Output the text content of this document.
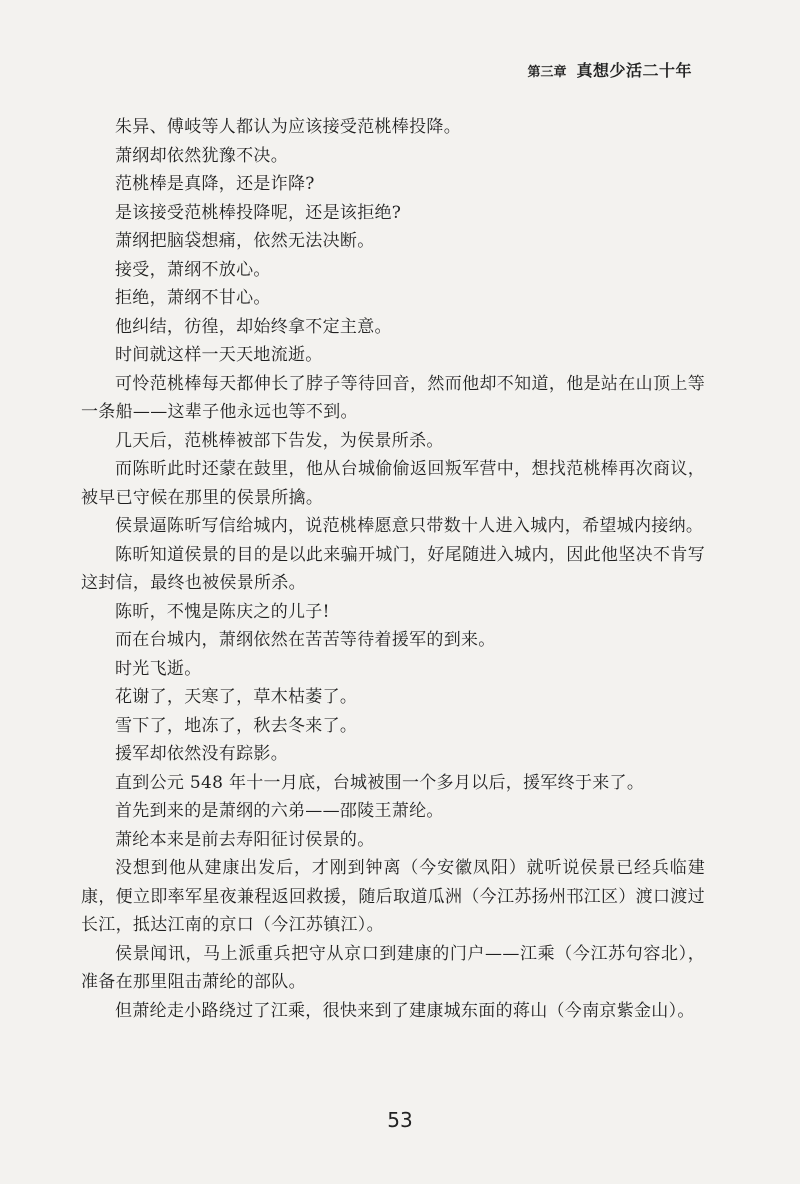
第三章 真想少活二十年

朱异、傅岐等人都认为应该接受范桃棒投降。

萧纲却依然犹豫不决。

范桃棒是真降，还是诈降?

是该接受范桃棒投降呢，还是该拒绝?

萧纲把脑袋想痛，依然无法决断。

接受，萧纲不放心。

拒绝，萧纲不甘心。

他纠结，彷徨，却始终拿不定主意。

时间就这样一天天地流逝。

可怜范桃棒每天都伸长了脖子等待回音，然而他却不知道，他是站在山顶上等一条船——这辈子他永远也等不到。

几天后，范桃棒被部下告发，为侯景所杀。

而陈昕此时还蒙在鼓里，他从台城偷偷返回叛军营中，想找范桃棒再次商议，被早已守候在那里的侯景所擒。

侯景逼陈昕写信给城内，说范桃棒愿意只带数十人进入城内，希望城内接纳。

陈昕知道侯景的目的是以此来骗开城门，好尾随进入城内，因此他坚决不肯写这封信，最终也被侯景所杀。

陈昕，不愧是陈庆之的儿子!

而在台城内，萧纲依然在苦苦等待着援军的到来。

时光飞逝。

花谢了，天寒了，草木枯萎了。

雪下了，地冻了，秋去冬来了。

援军却依然没有踪影。

直到公元 548 年十一月底，台城被围一个多月以后，援军终于来了。

首先到来的是萧纲的六弟——邵陵王萧纶。

萧纶本来是前去寿阳征讨侯景的。

没想到他从建康出发后，才刚到钟离（今安徽凤阳）就听说侯景已经兵临建康，便立即率军星夜兼程返回救援，随后取道瓜洲（今江苏扬州邗江区）渡口渡过长江，抵达江南的京口（今江苏镇江）。

侯景闻讯，马上派重兵把守从京口到建康的门户——江乘（今江苏句容北），准备在那里阻击萧纶的部队。

但萧纶走小路绕过了江乘，很快来到了建康城东面的蒋山（今南京紫金山）。

53
